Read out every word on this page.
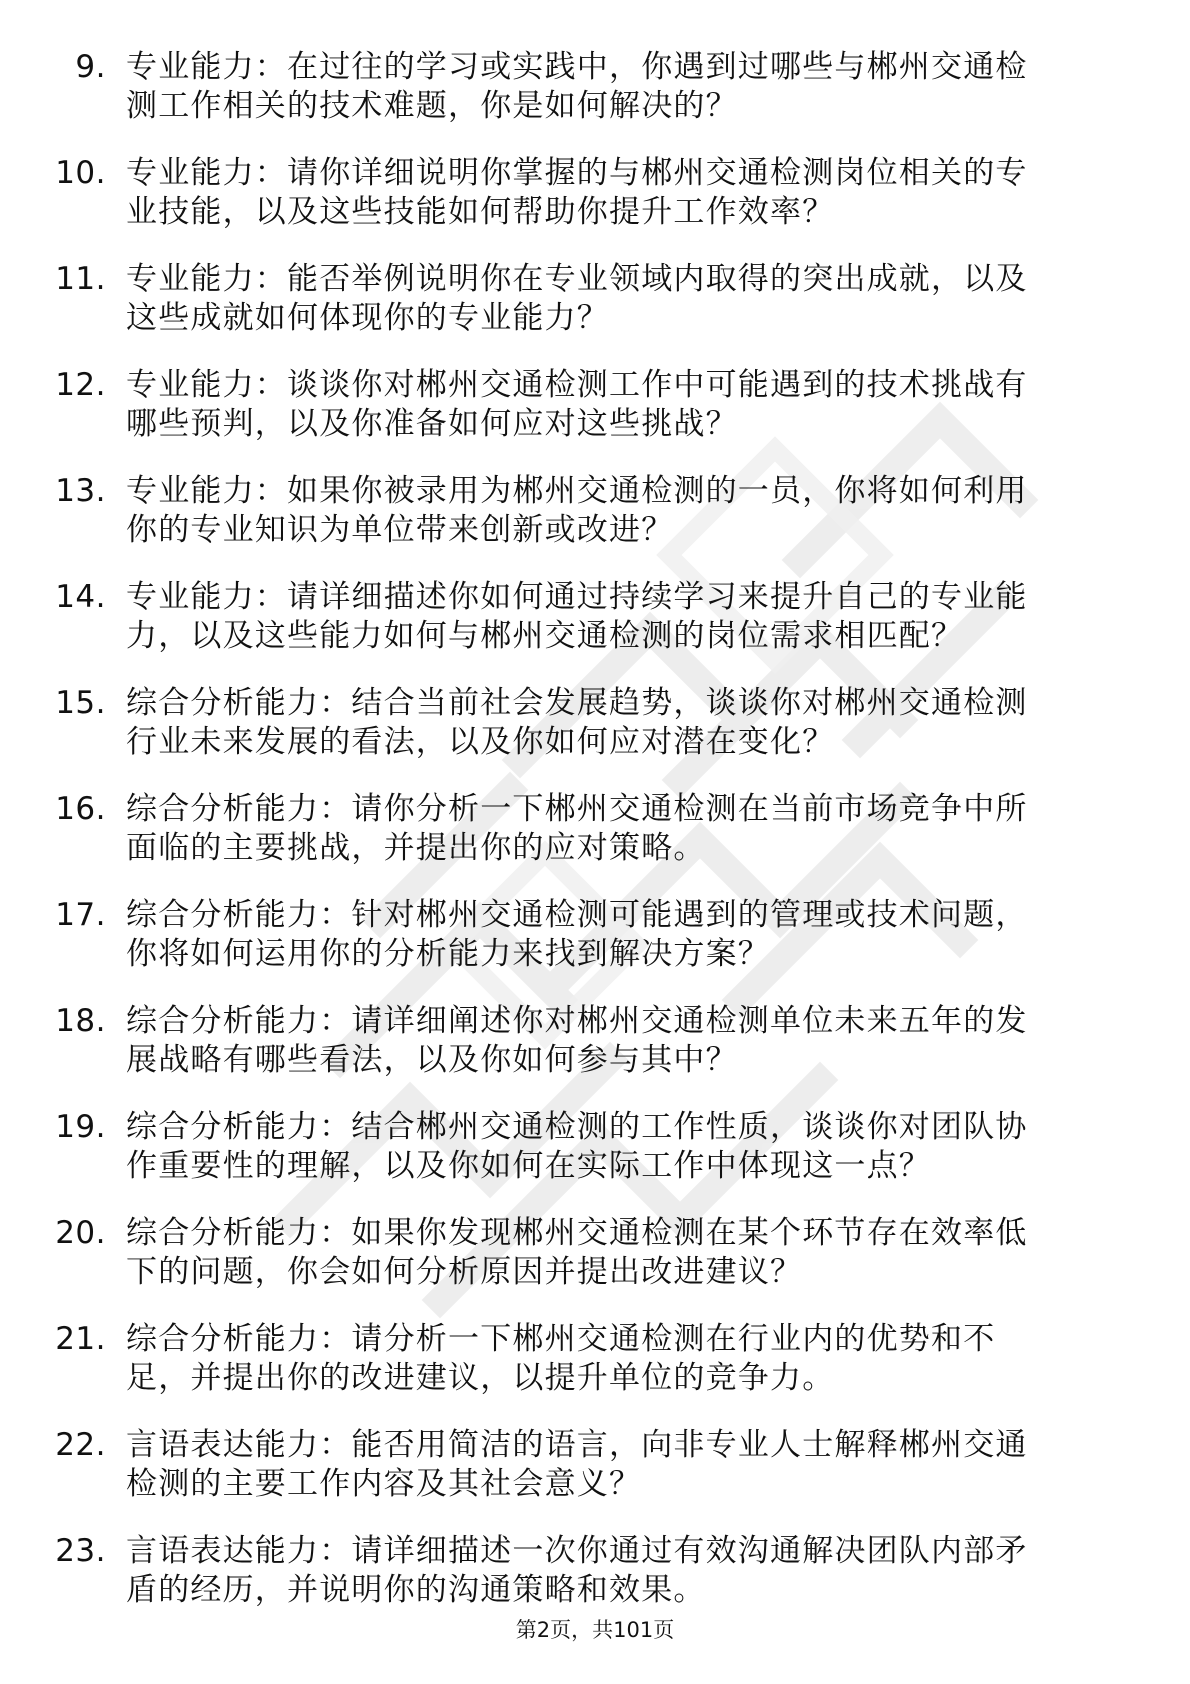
9. 专业能力：在过往的学习或实践中，你遇到过哪些与郴州交通检
测工作相关的技术难题，你是如何解决的？
10. 专业能力：请你详细说明你掌握的与郴州交通检测岗位相关的专
业技能，以及这些技能如何帮助你提升工作效率？
11. 专业能力：能否举例说明你在专业领域内取得的突出成就，以及
这些成就如何体现你的专业能力？
12. 专业能力：谈谈你对郴州交通检测工作中可能遇到的技术挑战有
哪些预判，以及你准备如何应对这些挑战？
13. 专业能力：如果你被录用为郴州交通检测的一员，你将如何利用
你的专业知识为单位带来创新或改进？
14. 专业能力：请详细描述你如何通过持续学习来提升自己的专业能
力，以及这些能力如何与郴州交通检测的岗位需求相匹配？
15. 综合分析能力：结合当前社会发展趋势，谈谈你对郴州交通检测
行业未来发展的看法，以及你如何应对潜在变化？
16. 综合分析能力：请你分析一下郴州交通检测在当前市场竞争中所
面临的主要挑战，并提出你的应对策略。
17. 综合分析能力：针对郴州交通检测可能遇到的管理或技术问题，
你将如何运用你的分析能力来找到解决方案？
18. 综合分析能力：请详细阐述你对郴州交通检测单位未来五年的发
展战略有哪些看法，以及你如何参与其中？
19. 综合分析能力：结合郴州交通检测的工作性质，谈谈你对团队协
作重要性的理解，以及你如何在实际工作中体现这一点？
20. 综合分析能力：如果你发现郴州交通检测在某个环节存在效率低
下的问题，你会如何分析原因并提出改进建议？
21. 综合分析能力：请分析一下郴州交通检测在行业内的优势和不
足，并提出你的改进建议，以提升单位的竞争力。
22. 言语表达能力：能否用简洁的语言，向非专业人士解释郴州交通
检测的主要工作内容及其社会意义？
23. 言语表达能力：请详细描述一次你通过有效沟通解决团队内部矛
盾的经历，并说明你的沟通策略和效果。
第2页，共101页
